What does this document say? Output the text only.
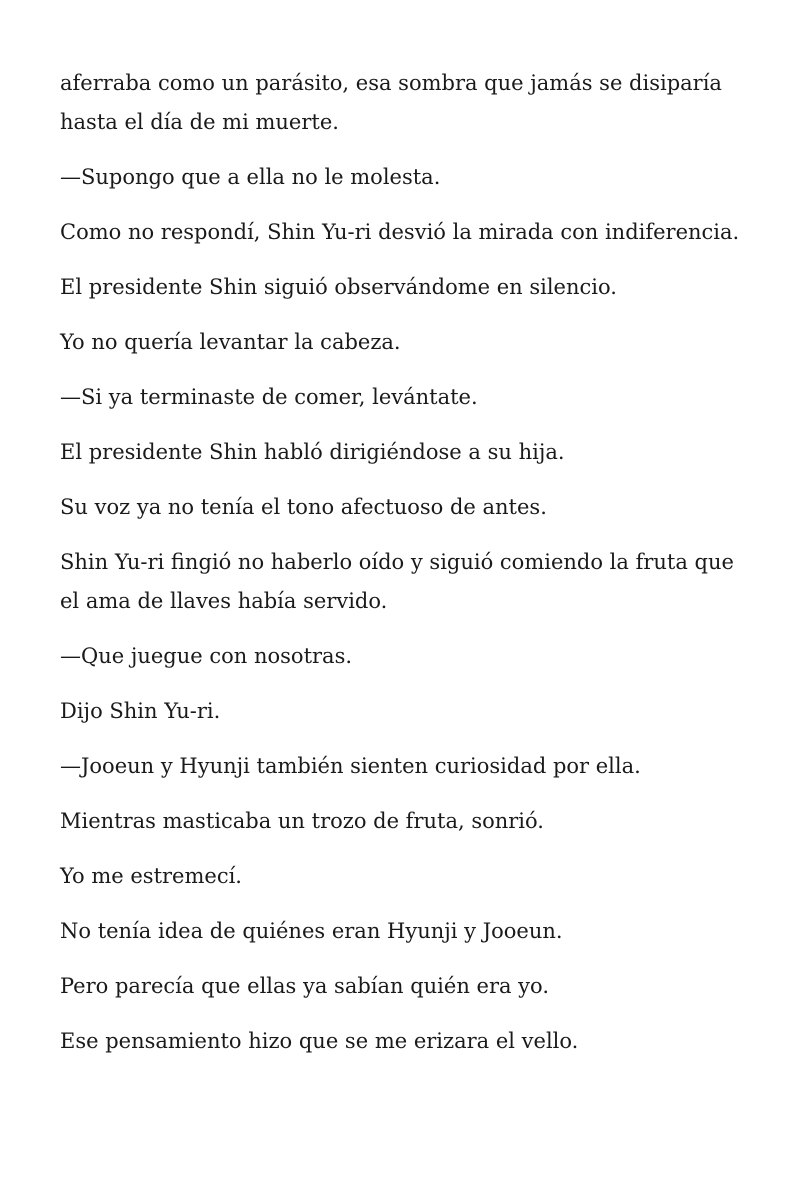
aferraba como un parásito, esa sombra que jamás se disiparía hasta el día de mi muerte.

—Supongo que a ella no le molesta.

Como no respondí, Shin Yu-ri desvió la mirada con indiferencia.

El presidente Shin siguió observándome en silencio.

Yo no quería levantar la cabeza.

—Si ya terminaste de comer, levántate.

El presidente Shin habló dirigiéndose a su hija.

Su voz ya no tenía el tono afectuoso de antes.

Shin Yu-ri fingió no haberlo oído y siguió comiendo la fruta que el ama de llaves había servido.

—Que juegue con nosotras.

Dijo Shin Yu-ri.

—Jooeun y Hyunji también sienten curiosidad por ella.

Mientras masticaba un trozo de fruta, sonrió.

Yo me estremecí.

No tenía idea de quiénes eran Hyunji y Jooeun.

Pero parecía que ellas ya sabían quién era yo.

Ese pensamiento hizo que se me erizara el vello.
